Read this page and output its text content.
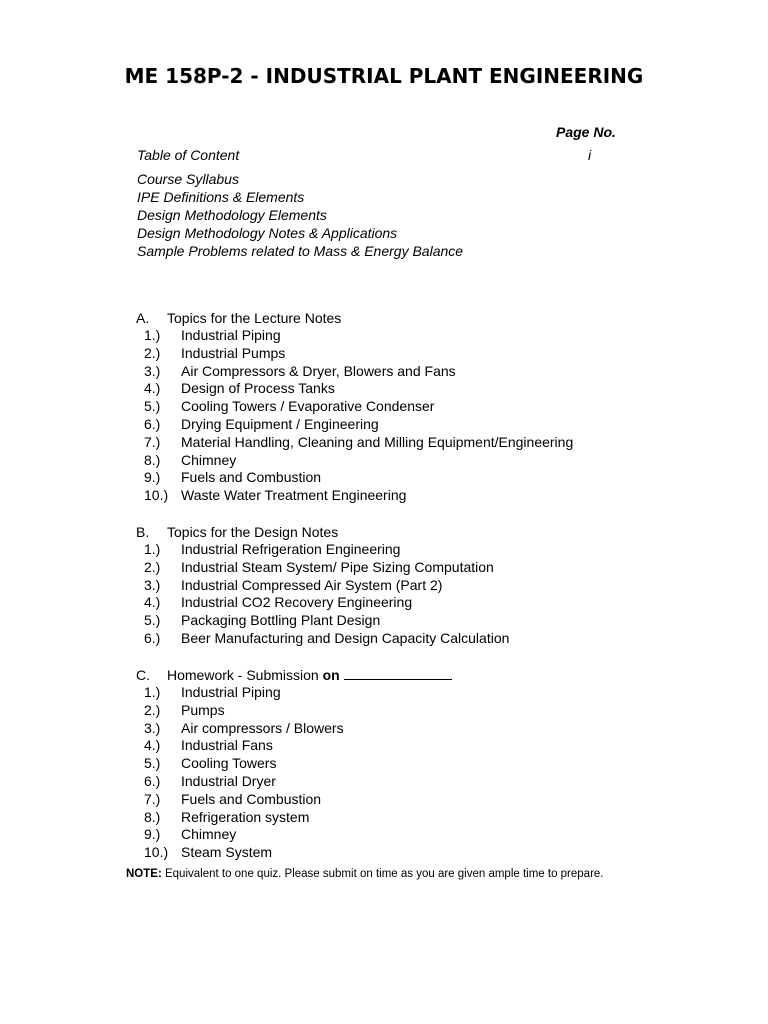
ME 158P-2 - INDUSTRIAL PLANT ENGINEERING
Page No.
Table of Content	i
Course Syllabus
IPE Definitions & Elements
Design Methodology Elements
Design Methodology Notes & Applications
Sample Problems related to Mass & Energy Balance
A. Topics for the Lecture Notes
1.) Industrial Piping
2.) Industrial Pumps
3.) Air Compressors & Dryer, Blowers and Fans
4.) Design of Process Tanks
5.) Cooling Towers / Evaporative Condenser
6.) Drying Equipment / Engineering
7.) Material Handling, Cleaning and Milling Equipment/Engineering
8.) Chimney
9.) Fuels and Combustion
10.) Waste Water Treatment Engineering
B. Topics for the Design Notes
1.) Industrial Refrigeration Engineering
2.) Industrial Steam System/ Pipe Sizing Computation
3.) Industrial Compressed Air System (Part 2)
4.) Industrial CO2 Recovery Engineering
5.) Packaging Bottling Plant Design
6.) Beer Manufacturing and Design Capacity Calculation
C. Homework - Submission on
1.) Industrial Piping
2.) Pumps
3.) Air compressors / Blowers
4.) Industrial Fans
5.) Cooling Towers
6.) Industrial Dryer
7.) Fuels and Combustion
8.) Refrigeration system
9.) Chimney
10.) Steam System
NOTE: Equivalent to one quiz. Please submit on time as you are given ample time to prepare.
